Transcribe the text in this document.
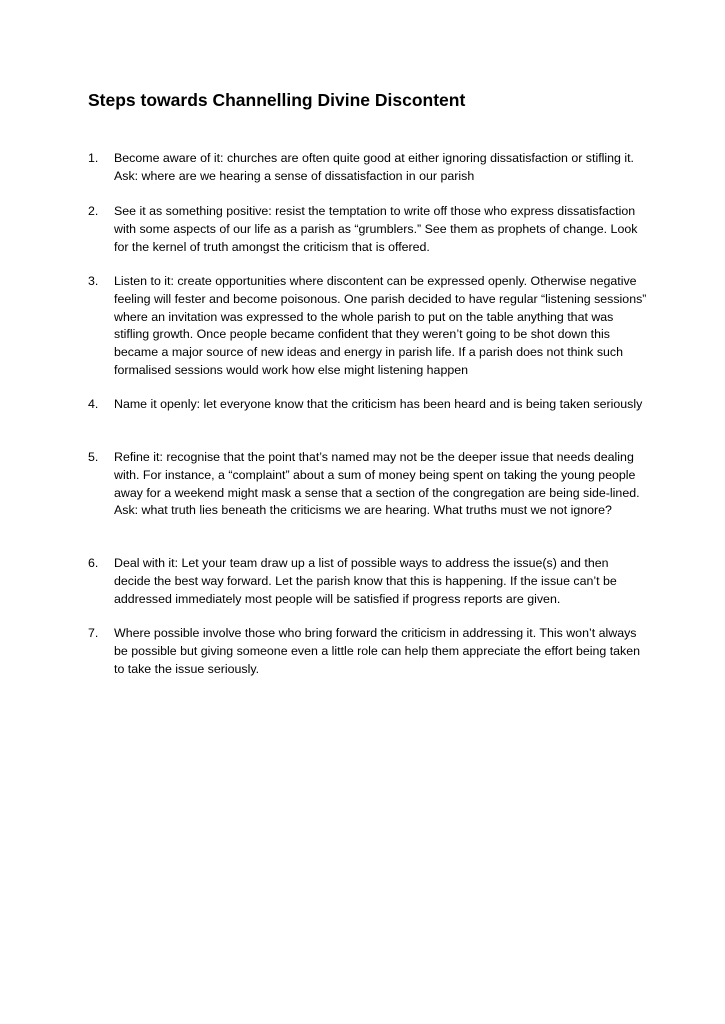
Steps towards Channelling Divine Discontent
1.	Become aware of it: churches are often quite good at either ignoring dissatisfaction or stifling it. Ask: where are we hearing a sense of dissatisfaction in our parish
2.	See it as something positive: resist the temptation to write off those who express dissatisfaction with some aspects of our life as a parish as “grumblers.” See them as prophets of change. Look for the kernel of truth amongst the criticism that is offered.
3.	Listen to it: create opportunities where discontent can be expressed openly. Otherwise negative feeling will fester and become poisonous. One parish decided to have regular “listening sessions” where an invitation was expressed to the whole parish to put on the table anything that was stifling growth. Once people became confident that they weren’t going to be shot down this became a major source of new ideas and energy in parish life. If a parish does not think such formalised sessions would work how else might listening happen
4.	Name it openly: let everyone know that the criticism has been heard and is being taken seriously
5.	Refine it: recognise that the point that’s named may not be the deeper issue that needs dealing with. For instance, a “complaint” about a sum of money being spent on taking the young people away for a weekend might mask a sense that a section of the congregation are being side-lined. Ask: what truth lies beneath the criticisms we are hearing. What truths must we not ignore?
6.	Deal with it: Let your team draw up a list of possible ways to address the issue(s) and then decide the best way forward. Let the parish know that this is happening. If the issue can’t be addressed immediately most people will be satisfied if progress reports are given.
7.	Where possible involve those who bring forward the criticism in addressing it. This won’t always be possible but giving someone even a little role can help them appreciate the effort being taken to take the issue seriously.
